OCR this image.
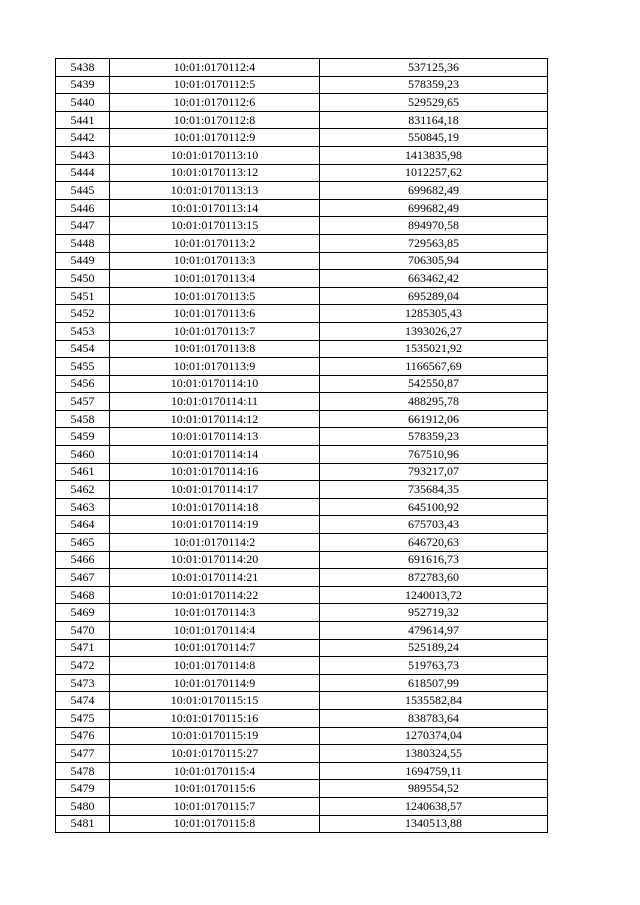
5438	10:01:0170112:4	537125,36
5439	10:01:0170112:5	578359,23
5440	10:01:0170112:6	529529,65
5441	10:01:0170112:8	831164,18
5442	10:01:0170112:9	550845,19
5443	10:01:0170113:10	1413835,98
5444	10:01:0170113:12	1012257,62
5445	10:01:0170113:13	699682,49
5446	10:01:0170113:14	699682,49
5447	10:01:0170113:15	894970,58
5448	10:01:0170113:2	729563,85
5449	10:01:0170113:3	706305,94
5450	10:01:0170113:4	663462,42
5451	10:01:0170113:5	695289,04
5452	10:01:0170113:6	1285305,43
5453	10:01:0170113:7	1393026,27
5454	10:01:0170113:8	1535021,92
5455	10:01:0170113:9	1166567,69
5456	10:01:0170114:10	542550,87
5457	10:01:0170114:11	488295,78
5458	10:01:0170114:12	661912,06
5459	10:01:0170114:13	578359,23
5460	10:01:0170114:14	767510,96
5461	10:01:0170114:16	793217,07
5462	10:01:0170114:17	735684,35
5463	10:01:0170114:18	645100,92
5464	10:01:0170114:19	675703,43
5465	10:01:0170114:2	646720,63
5466	10:01:0170114:20	691616,73
5467	10:01:0170114:21	872783,60
5468	10:01:0170114:22	1240013,72
5469	10:01:0170114:3	952719,32
5470	10:01:0170114:4	479614,97
5471	10:01:0170114:7	525189,24
5472	10:01:0170114:8	519763,73
5473	10:01:0170114:9	618507,99
5474	10:01:0170115:15	1535582,84
5475	10:01:0170115:16	838783,64
5476	10:01:0170115:19	1270374,04
5477	10:01:0170115:27	1380324,55
5478	10:01:0170115:4	1694759,11
5479	10:01:0170115:6	989554,52
5480	10:01:0170115:7	1240638,57
5481	10:01:0170115:8	1340513,88
